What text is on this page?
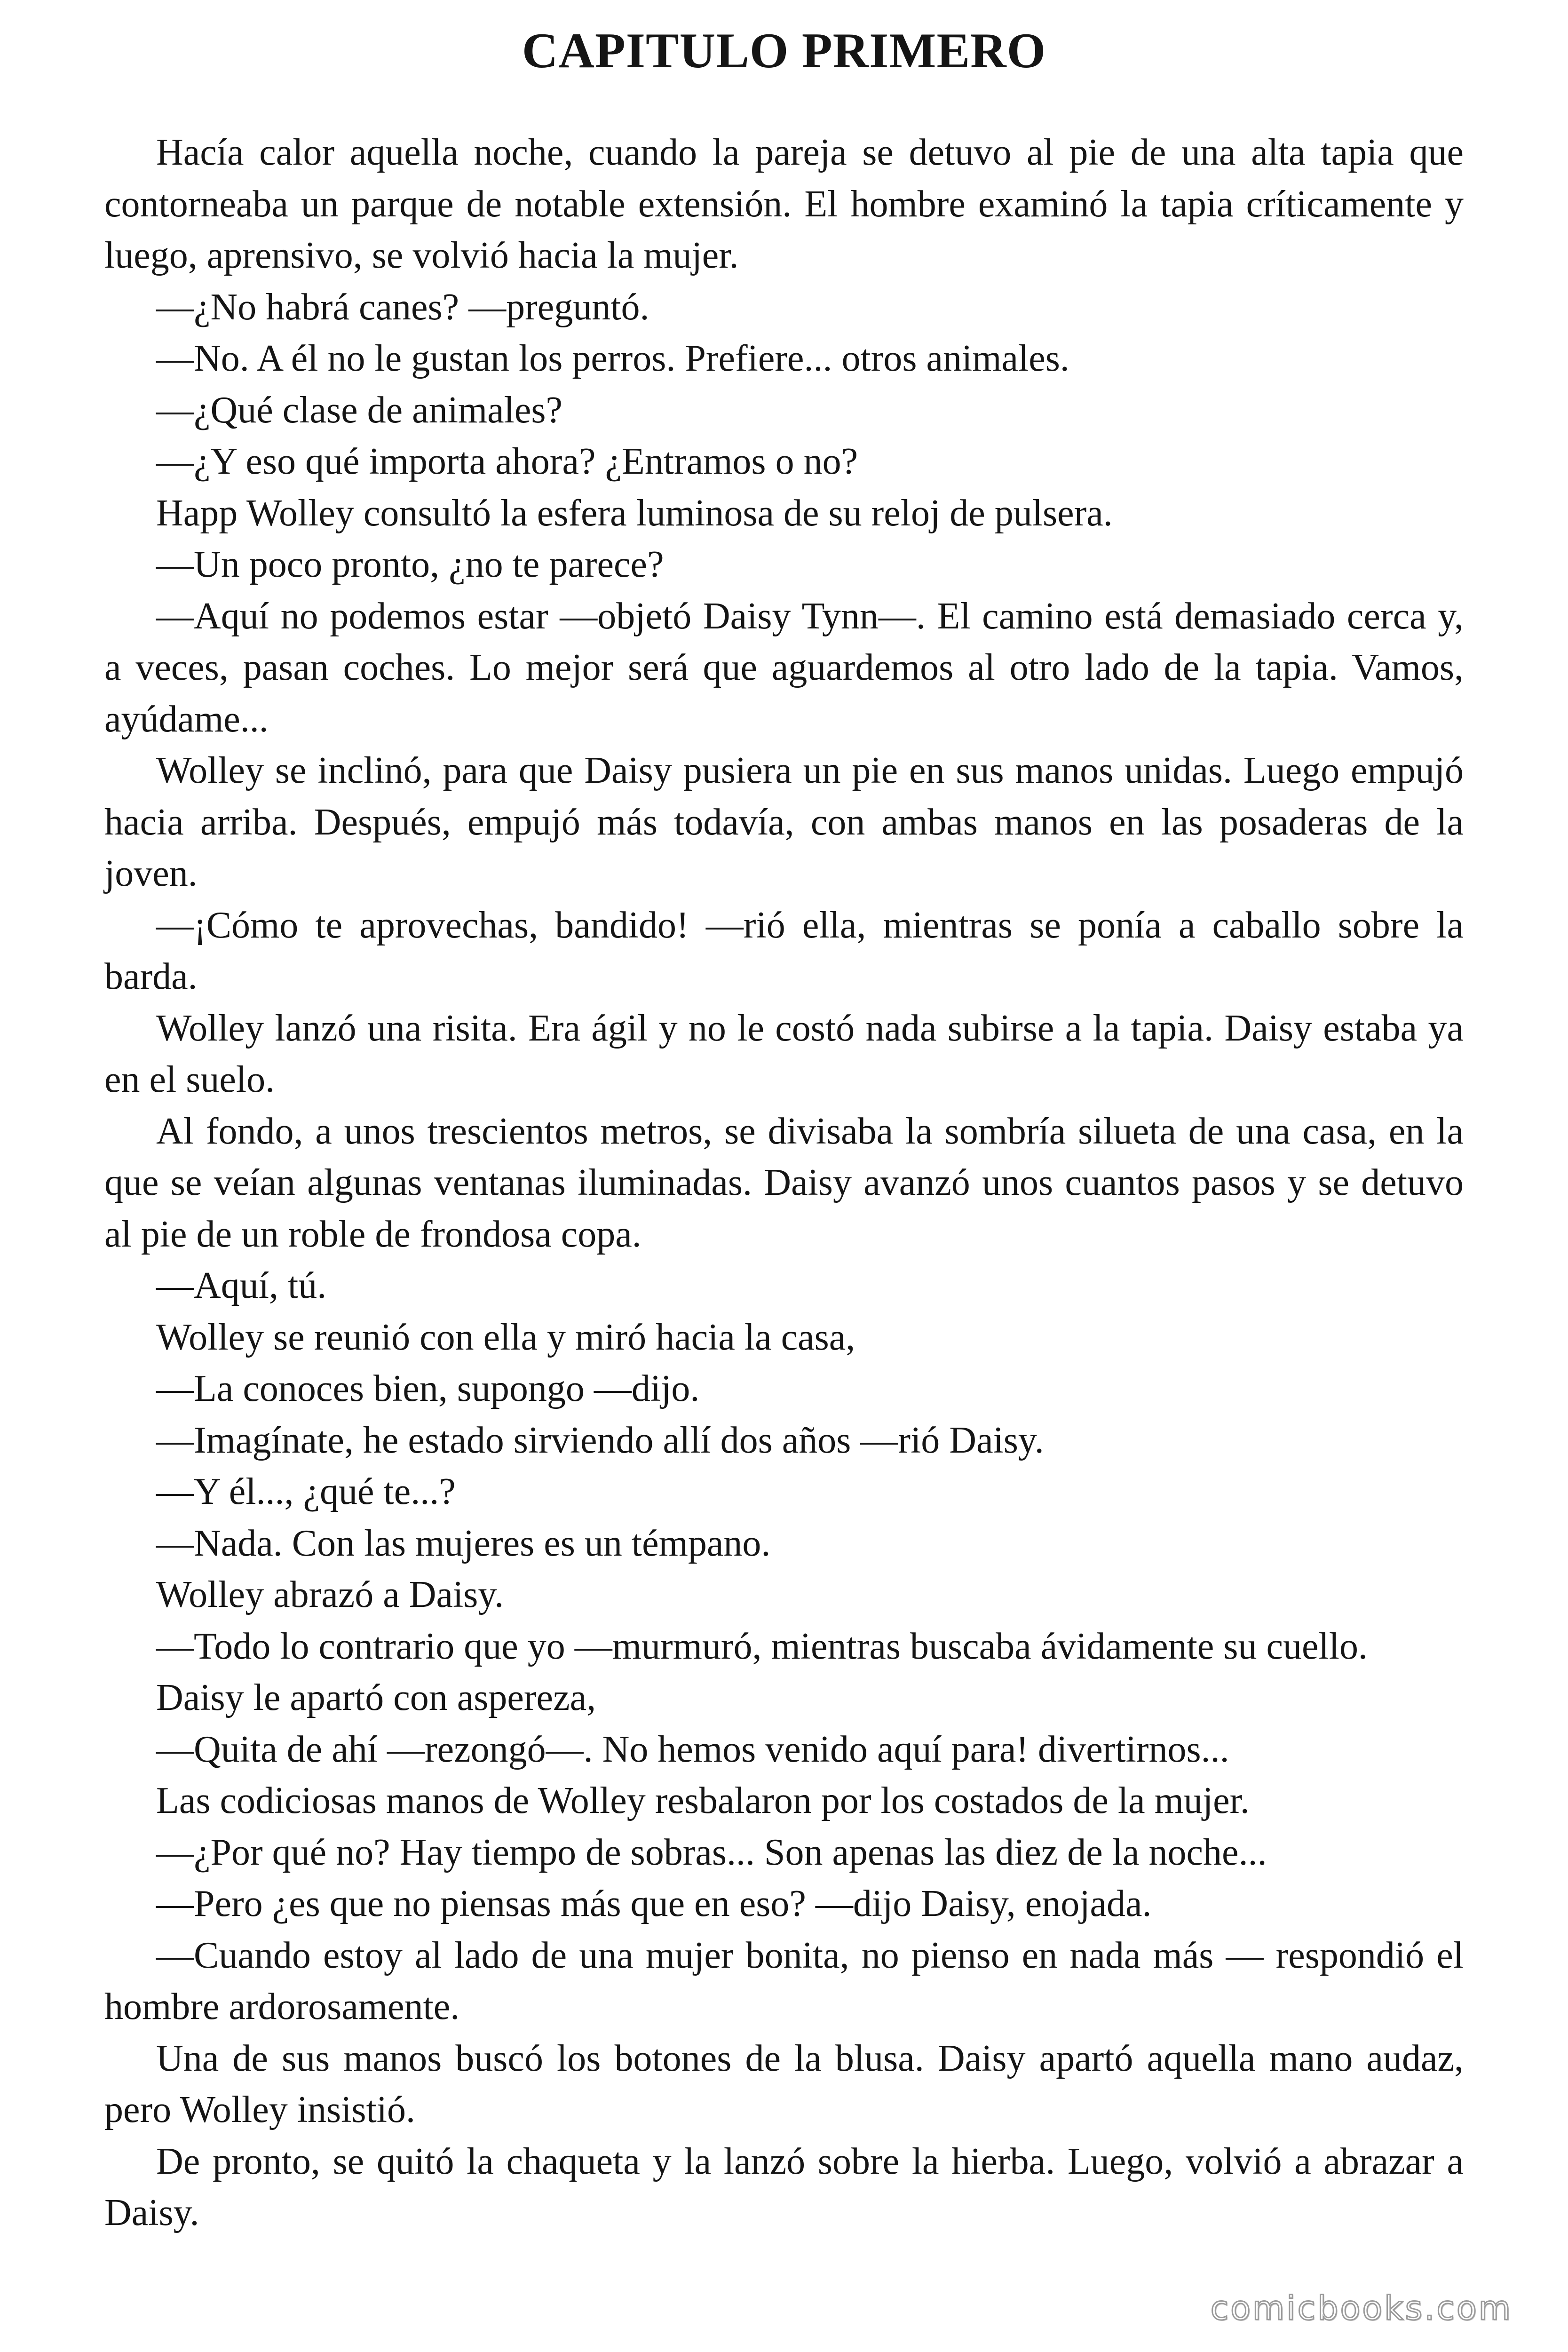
CAPITULO PRIMERO

Hacía calor aquella noche, cuando la pareja se detuvo al pie de una alta tapia que contorneaba un parque de notable extensión. El hombre examinó la tapia críticamente y luego, aprensivo, se volvió hacia la mujer.

—¿No habrá canes? —preguntó.

—No. A él no le gustan los perros. Prefiere... otros animales.

—¿Qué clase de animales?

—¿Y eso qué importa ahora? ¿Entramos o no?

Happ Wolley consultó la esfera luminosa de su reloj de pulsera.

—Un poco pronto, ¿no te parece?

—Aquí no podemos estar —objetó Daisy Tynn—. El camino está demasiado cerca y, a veces, pasan coches. Lo mejor será que aguardemos al otro lado de la tapia. Vamos, ayúdame...

Wolley se inclinó, para que Daisy pusiera un pie en sus manos unidas. Luego empujó hacia arriba. Después, empujó más todavía, con ambas manos en las posaderas de la joven.

—¡Cómo te aprovechas, bandido! —rió ella, mientras se ponía a caballo sobre la barda.

Wolley lanzó una risita. Era ágil y no le costó nada subirse a la tapia. Daisy estaba ya en el suelo.

Al fondo, a unos trescientos metros, se divisaba la sombría silueta de una casa, en la que se veían algunas ventanas iluminadas. Daisy avanzó unos cuantos pasos y se detuvo al pie de un roble de frondosa copa.

—Aquí, tú.

Wolley se reunió con ella y miró hacia la casa,

—La conoces bien, supongo —dijo.

—Imagínate, he estado sirviendo allí dos años —rió Daisy.

—Y él..., ¿qué te...?

—Nada. Con las mujeres es un témpano.

Wolley abrazó a Daisy.

—Todo lo contrario que yo —murmuró, mientras buscaba ávidamente su cuello.

Daisy le apartó con aspereza,

—Quita de ahí —rezongó—. No hemos venido aquí para! divertirnos...

Las codiciosas manos de Wolley resbalaron por los costados de la mujer.

—¿Por qué no? Hay tiempo de sobras... Son apenas las diez de la noche...

—Pero ¿es que no piensas más que en eso? —dijo Daisy, enojada.

—Cuando estoy al lado de una mujer bonita, no pienso en nada más — respondió el hombre ardorosamente.

Una de sus manos buscó los botones de la blusa. Daisy apartó aquella mano audaz, pero Wolley insistió.

De pronto, se quitó la chaqueta y la lanzó sobre la hierba. Luego, volvió a abrazar a Daisy.

comicbooks.com
